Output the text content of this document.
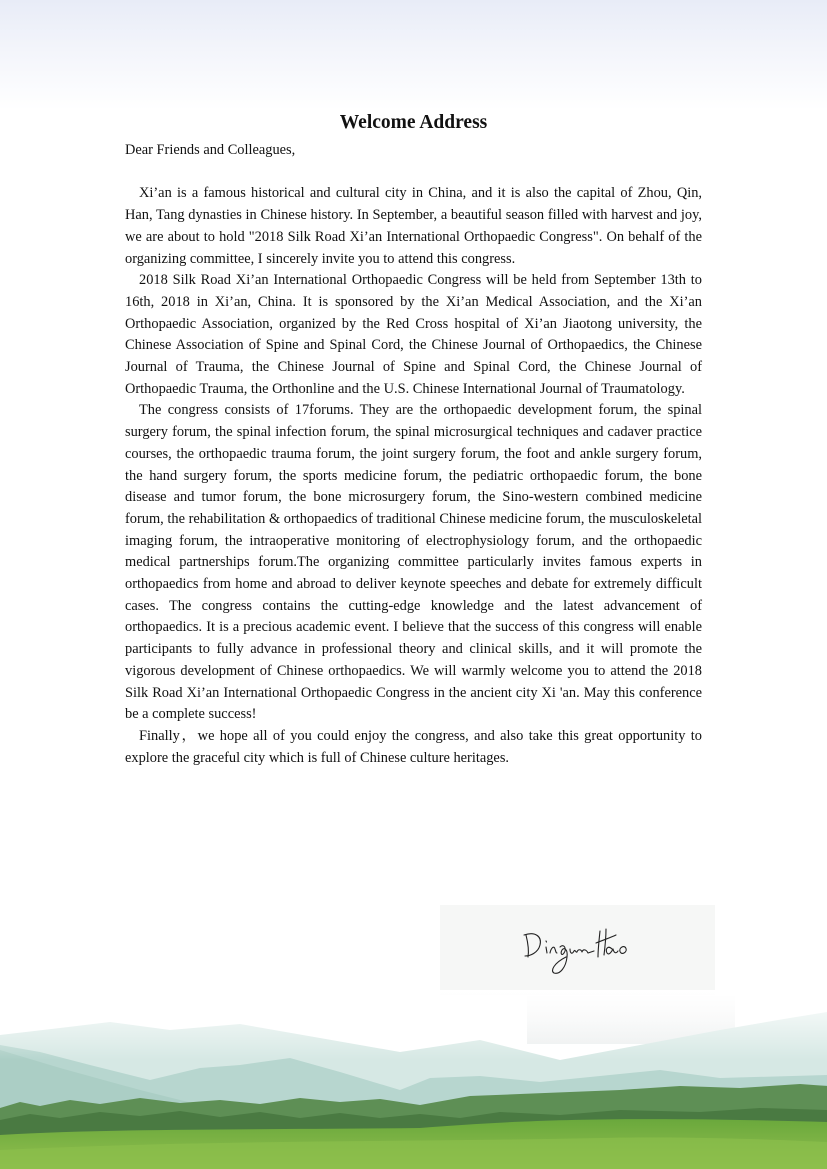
Welcome Address

Dear Friends and Colleagues,

Xi’an is a famous historical and cultural city in China, and it is also the capital of Zhou, Qin, Han, Tang dynasties in Chinese history. In September, a beautiful season filled with harvest and joy, we are about to hold "2018 Silk Road Xi’an International Orthopaedic Congress". On behalf of the organizing committee, I sincerely invite you to attend this congress.

2018 Silk Road Xi’an International Orthopaedic Congress will be held from September 13th to 16th, 2018 in Xi’an, China. It is sponsored by the Xi’an Medical Association, and the Xi’an Orthopaedic Association, organized by the Red Cross hospital of Xi’an Jiaotong university, the Chinese Association of Spine and Spinal Cord, the Chinese Journal of Orthopaedics, the Chinese Journal of Trauma, the Chinese Journal of Spine and Spinal Cord, the Chinese Journal of Orthopaedic Trauma, the Orthonline and the U.S. Chinese International Journal of Traumatology.

The congress consists of 17forums. They are the orthopaedic development forum, the spinal surgery forum, the spinal infection forum, the spinal microsurgical techniques and cadaver practice courses, the orthopaedic trauma forum, the joint surgery forum, the foot and ankle surgery forum, the hand surgery forum, the sports medicine forum, the pediatric orthopaedic forum, the bone disease and tumor forum, the bone microsurgery forum, the Sino-western combined medicine forum, the rehabilitation & orthopaedics of traditional Chinese medicine forum, the musculoskeletal imaging forum, the intraoperative monitoring of electrophysiology forum, and the orthopaedic medical partnerships forum.The organizing committee particularly invites famous experts in orthopaedics from home and abroad to deliver keynote speeches and debate for extremely difficult cases. The congress contains the cutting-edge knowledge and the latest advancement of orthopaedics. It is a precious academic event. I believe that the success of this congress will enable participants to fully advance in professional theory and clinical skills, and it will promote the vigorous development of Chinese orthopaedics. We will warmly welcome you to attend the 2018 Silk Road Xi’an International Orthopaedic Congress in the ancient city Xi 'an. May this conference be a complete success!

Finally，we hope all of you could enjoy the congress, and also take this great opportunity to explore the graceful city which is full of Chinese culture heritages.
